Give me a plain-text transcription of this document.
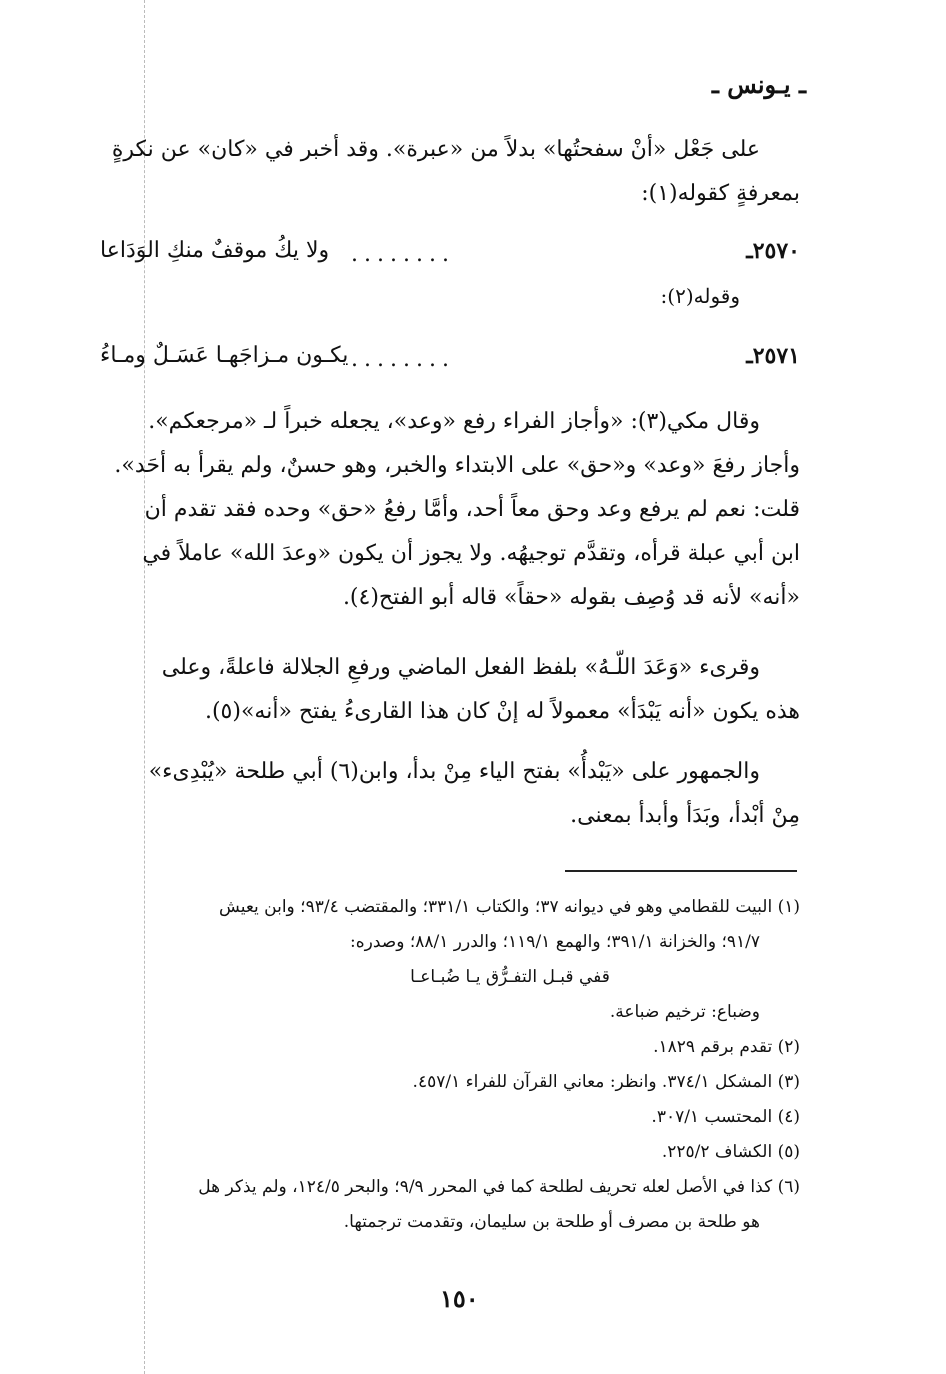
ـ يـونس ـ

على جَعْل «أنْ سفحتُها» بدلاً من «عبرة». وقد أخبر في «كان» عن نكرةٍ

بمعرفةٍ كقوله(١):

٢٥٧٠ـ
........
ولا يكُ موقفٌ منكِ الوَدَاعا
وقوله(٢):
٢٥٧١ـ
........
يكـون مـزاجَهـا عَسَـلٌ ومـاءُ

وقال مكي(٣): «وأجاز الفراء رفع «وعد»، يجعله خبراً لـ «مرجعكم».

وأجاز رفعَ «وعد» و«حق» على الابتداء والخبر، وهو حسنٌ، ولم يقرأ به أحَد».

قلت: نعم لم يرفع وعد وحق معاً أحد، وأمَّا رفعُ «حق» وحده فقد تقدم أن

ابن أبي عبلة قرأه، وتقدَّم توجيهُه. ولا يجوز أن يكون «وعدَ الله» عاملاً في

«أنه» لأنه قد وُصِف بقوله «حقاً» قاله أبو الفتح(٤).

وقرىء «وَعَدَ اللّـهُ» بلفظ الفعل الماضي ورفعِ الجلالة فاعلةً، وعلى

هذه يكون «أنه يَبْدَأ» معمولاً له إنْ كان هذا القارىءُ يفتح «أنه»(٥).

والجمهور على «يَبْدأُ» بفتح الياء مِنْ بدأ، وابن(٦) أبي طلحة «يُبْدِىء»

مِنْ أبْدأ، وبَدَأ وأبدأ بمعنى.

(١) البيت للقطامي وهو في ديوانه ٣٧؛ والكتاب ٣٣١/١؛ والمقتضب ٩٣/٤؛ وابن يعيش
٩١/٧؛ والخزانة ٣٩١/١؛ والهمع ١١٩/١؛ والدرر ٨٨/١؛ وصدره:
قفي قبـل التفـرُّق يـا ضُبـاعـا
وضباع: ترخيم ضباعة.
(٢) تقدم برقم ١٨٢٩.
(٣) المشكل ٣٧٤/١. وانظر: معاني القرآن للفراء ٤٥٧/١.
(٤) المحتسب ٣٠٧/١.
(٥) الكشاف ٢٢٥/٢.
(٦) كذا في الأصل لعله تحريف لطلحة كما في المحرر ٩/٩؛ والبحر ١٢٤/٥، ولم يذكر هل
هو طلحة بن مصرف أو طلحة بن سليمان، وتقدمت ترجمتها.
١٥٠
